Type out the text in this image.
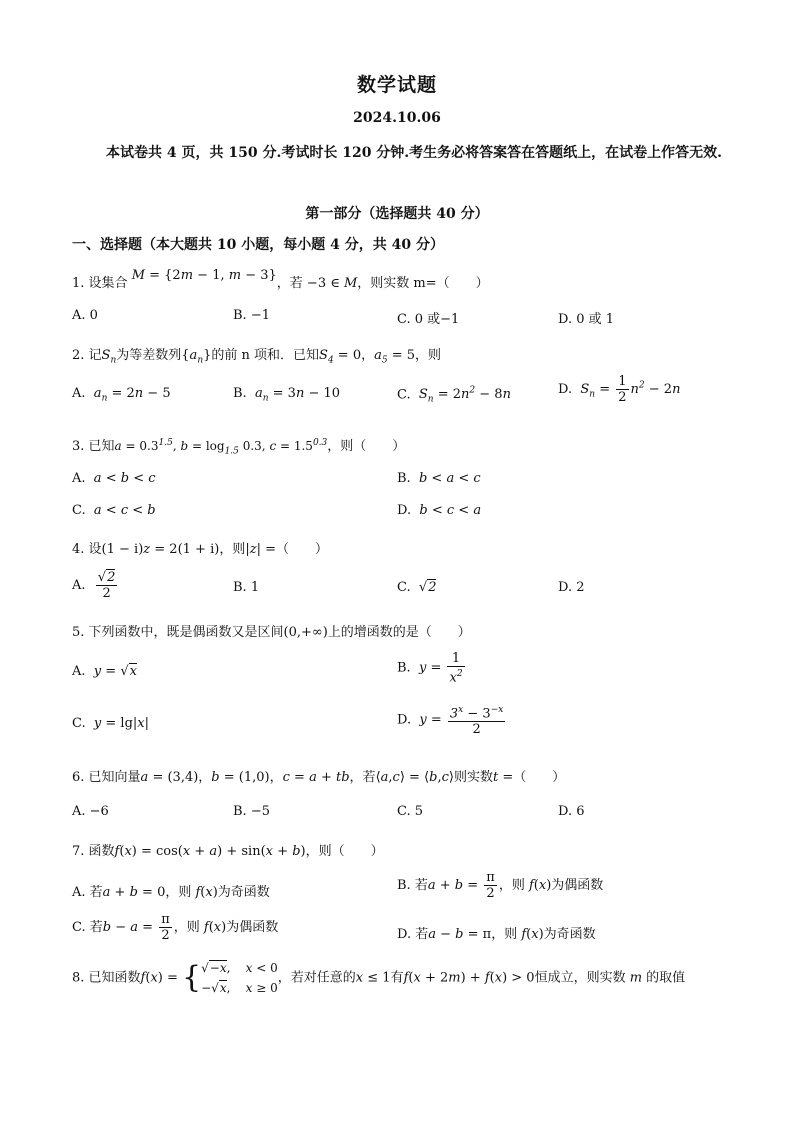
数学试题
2024.10.06
本试卷共 4 页，共 150 分.考试时长 120 分钟.考生务必将答案答在答题纸上，在试卷上作答无效.
第一部分（选择题共 40 分）
一、选择题（本大题共 10 小题，每小题 4 分，共 40 分）
1. 设集合 M = {2m − 1, m − 3}，若 −3 ∈ M，则实数 m=（　　）
A. 0	B. −1	C. 0 或−1	D. 0 或 1
2. 记$S_n$为等差数列$\{a_n\}$的前 n 项和．已知$S_4 = 0$，$a_5 = 5$，则
A. $a_n = 2n - 5$	B. $a_n = 3n - 10$	C. $S_n = 2n^2 - 8n$	D. $S_n = \frac{1}{2} n^2 - 2n$
3. 已知$a = 0.3^{1.5}$, $b = \log_{1.5} 0.3$, $c = 1.5^{0.3}$，则（　　）
A. a < b < c	B. b < a < c
C. a < c < b	D. b < c < a
4. 设(1 − i)z = 2(1 + i)，则|z| =（　　）
A. $\frac{√2}{2}$	B. 1	C.  √2	D. 2
5. 下列函数中，既是偶函数又是区间(0,+∞)上的增函数的是（　　）
A. y = √x	B. $y = \frac{1}{x^2}$
C. y = lg|x|	D. $y = \frac{3^x - 3^{-x}}{2}$
6. 已知向量a = (3,4)，b = (1,0)，c = a + tb，若⟨a,c⟩ = ⟨b,c⟩则实数t =（　　）
A. −6	B. −5	C. 5	D. 6
7. 函数f(x) = cos(x + a) + sin(x + b)，则（　　）
A. 若a + b = 0，则 f(x)为奇函数	B. 若$a + b = \frac{\pi}{2}$ ，则 f(x)为偶函数
C. 若$b - a = \frac{\pi}{2}$ ，则 f(x)为偶函数	D. 若a − b = π，则 f(x)为奇函数
8. 已知函数f(x) = {√−x,    x < 0
−√x,    x ≥ 0，若对任意的x ≤ 1有f(x + 2m) + f(x) > 0恒成立，则实数 m 的取值
